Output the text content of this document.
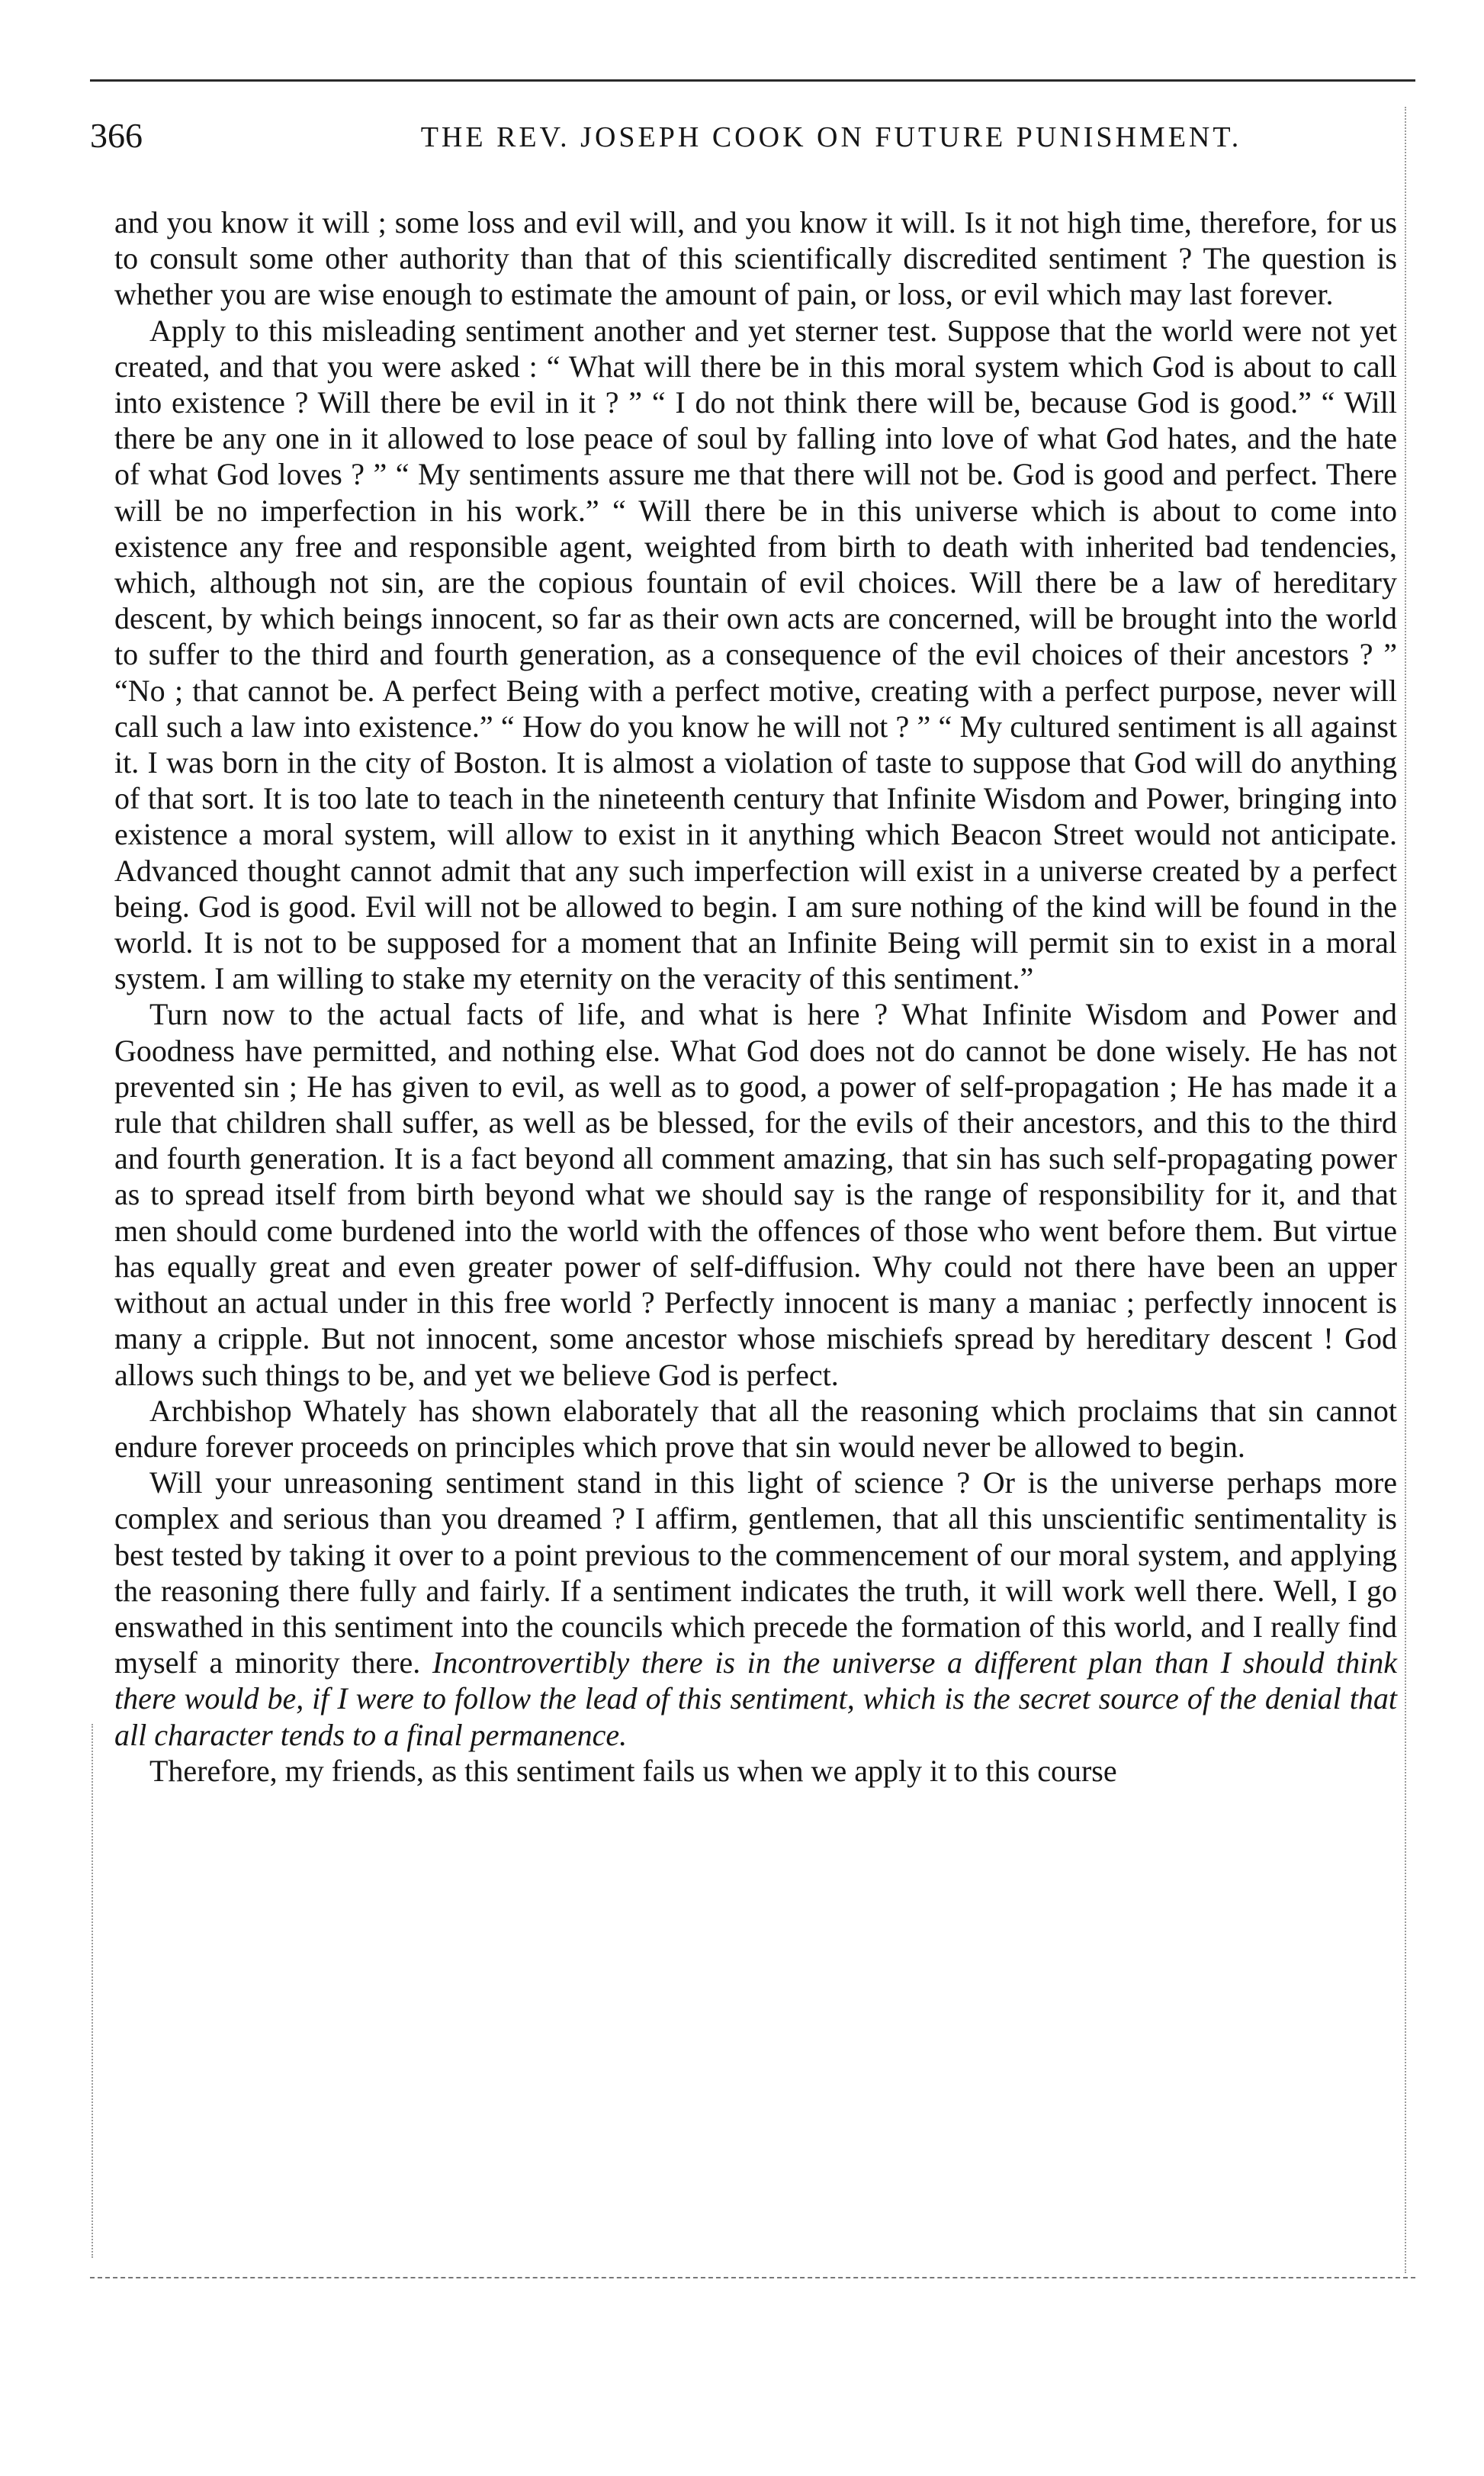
366	THE REV. JOSEPH COOK ON FUTURE PUNISHMENT.

and you know it will ; some loss and evil will, and you know it will. Is it not high time, therefore, for us to consult some other authority than that of this scientifically discredited sentiment ? The question is whether you are wise enough to estimate the amount of pain, or loss, or evil which may last forever.

Apply to this misleading sentiment another and yet sterner test. Suppose that the world were not yet created, and that you were asked : “ What will there be in this moral system which God is about to call into existence ? Will there be evil in it ? ” “ I do not think there will be, because God is good.” “ Will there be any one in it allowed to lose peace of soul by falling into love of what God hates, and the hate of what God loves ? ” “ My sentiments assure me that there will not be. God is good and perfect. There will be no imperfection in his work.” “ Will there be in this universe which is about to come into existence any free and responsible agent, weighted from birth to death with inherited bad tendencies, which, although not sin, are the copious fountain of evil choices. Will there be a law of hereditary descent, by which beings innocent, so far as their own acts are concerned, will be brought into the world to suffer to the third and fourth generation, as a consequence of the evil choices of their ancestors ? ” “No ; that cannot be. A perfect Being with a perfect motive, creating with a perfect purpose, never will call such a law into existence.” “ How do you know he will not ? ” “ My cultured sentiment is all against it. I was born in the city of Boston. It is almost a violation of taste to suppose that God will do anything of that sort. It is too late to teach in the nineteenth century that Infinite Wisdom and Power, bringing into existence a moral system, will allow to exist in it anything which Beacon Street would not anticipate. Advanced thought cannot admit that any such imperfection will exist in a universe created by a perfect being. God is good. Evil will not be allowed to begin. I am sure nothing of the kind will be found in the world. It is not to be supposed for a moment that an Infinite Being will permit sin to exist in a moral system. I am willing to stake my eternity on the veracity of this sentiment.”

Turn now to the actual facts of life, and what is here ? What Infinite Wisdom and Power and Goodness have permitted, and nothing else. What God does not do cannot be done wisely. He has not prevented sin ; He has given to evil, as well as to good, a power of self-propagation ; He has made it a rule that children shall suffer, as well as be blessed, for the evils of their ancestors, and this to the third and fourth generation. It is a fact beyond all comment amazing, that sin has such self-propagating power as to spread itself from birth beyond what we should say is the range of responsibility for it, and that men should come burdened into the world with the offences of those who went before them. But virtue has equally great and even greater power of self-diffusion. Why could not there have been an upper without an actual under in this free world ? Perfectly innocent is many a maniac ; perfectly innocent is many a cripple. But not innocent, some ancestor whose mischiefs spread by hereditary descent ! God allows such things to be, and yet we believe God is perfect.

Archbishop Whately has shown elaborately that all the reasoning which proclaims that sin cannot endure forever proceeds on principles which prove that sin would never be allowed to begin.

Will your unreasoning sentiment stand in this light of science ? Or is the universe perhaps more complex and serious than you dreamed ? I affirm, gentlemen, that all this unscientific sentimentality is best tested by taking it over to a point previous to the commencement of our moral system, and applying the reasoning there fully and fairly. If a sentiment indicates the truth, it will work well there. Well, I go enswathed in this sentiment into the councils which precede the formation of this world, and I really find myself a minority there. Incontrovertibly there is in the universe a different plan than I should think there would be, if I were to follow the lead of this sentiment, which is the secret source of the denial that all character tends to a final permanence.

Therefore, my friends, as this sentiment fails us when we apply it to this course
